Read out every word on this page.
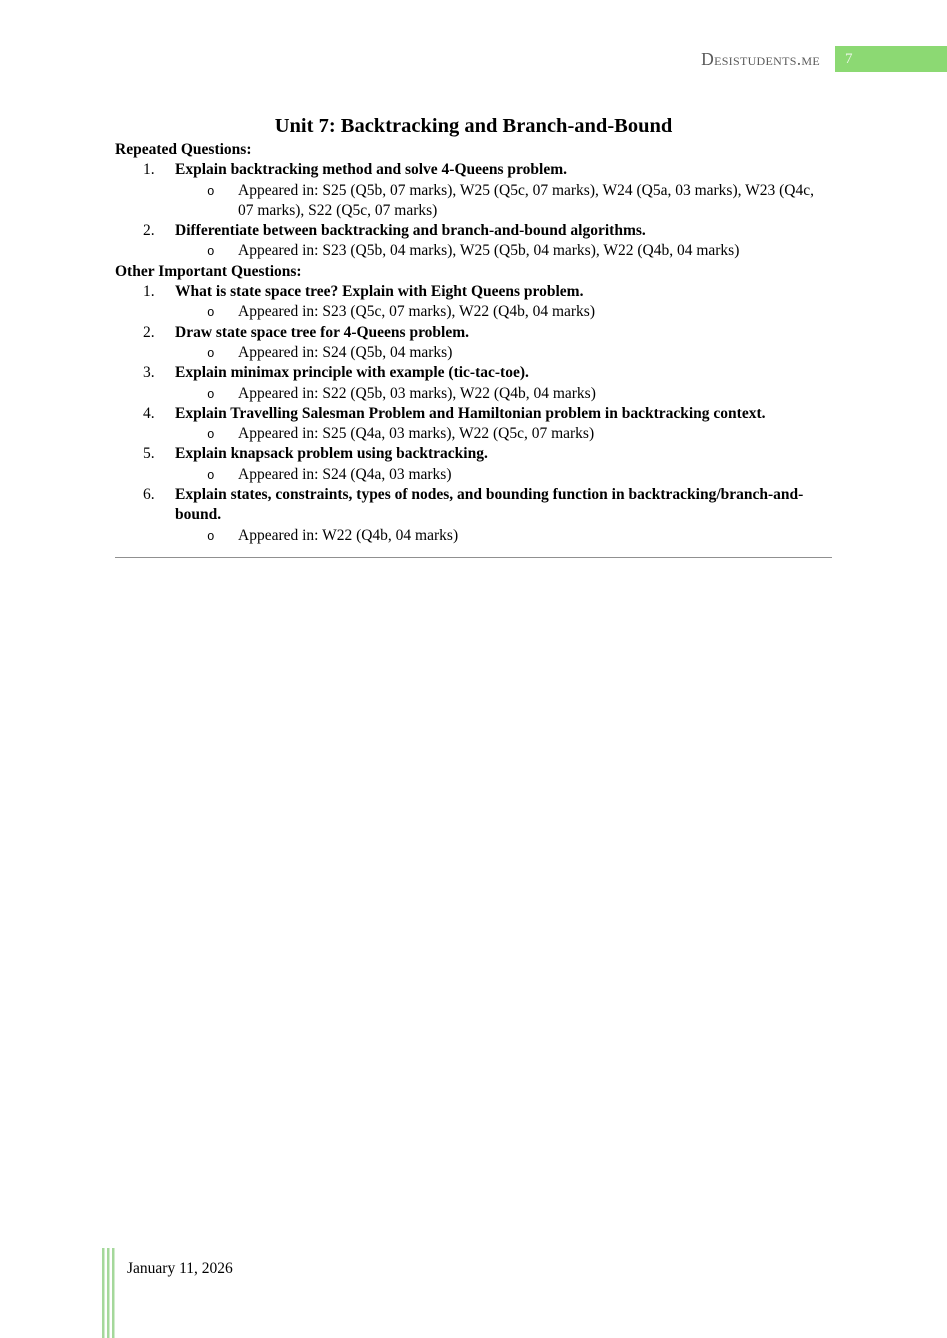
Desistudents.me	7
Unit 7: Backtracking and Branch-and-Bound

Repeated Questions:

Explain backtracking method and solve 4-Queens problem.
o Appeared in: S25 (Q5b, 07 marks), W25 (Q5c, 07 marks), W24 (Q5a, 03 marks), W23 (Q4c, 07 marks), S22 (Q5c, 07 marks)
Differentiate between backtracking and branch-and-bound algorithms.
o Appeared in: S23 (Q5b, 04 marks), W25 (Q5b, 04 marks), W22 (Q4b, 04 marks)

Other Important Questions:

What is state space tree? Explain with Eight Queens problem.
o Appeared in: S23 (Q5c, 07 marks), W22 (Q4b, 04 marks)
Draw state space tree for 4-Queens problem.
o Appeared in: S24 (Q5b, 04 marks)
Explain minimax principle with example (tic-tac-toe).
o Appeared in: S22 (Q5b, 03 marks), W22 (Q4b, 04 marks)
Explain Travelling Salesman Problem and Hamiltonian problem in backtracking context.
o Appeared in: S25 (Q4a, 03 marks), W22 (Q5c, 07 marks)
Explain knapsack problem using backtracking.
o Appeared in: S24 (Q4a, 03 marks)
Explain states, constraints, types of nodes, and bounding function in backtracking/branch-and-bound.
o Appeared in: W22 (Q4b, 04 marks)
January 11, 2026
